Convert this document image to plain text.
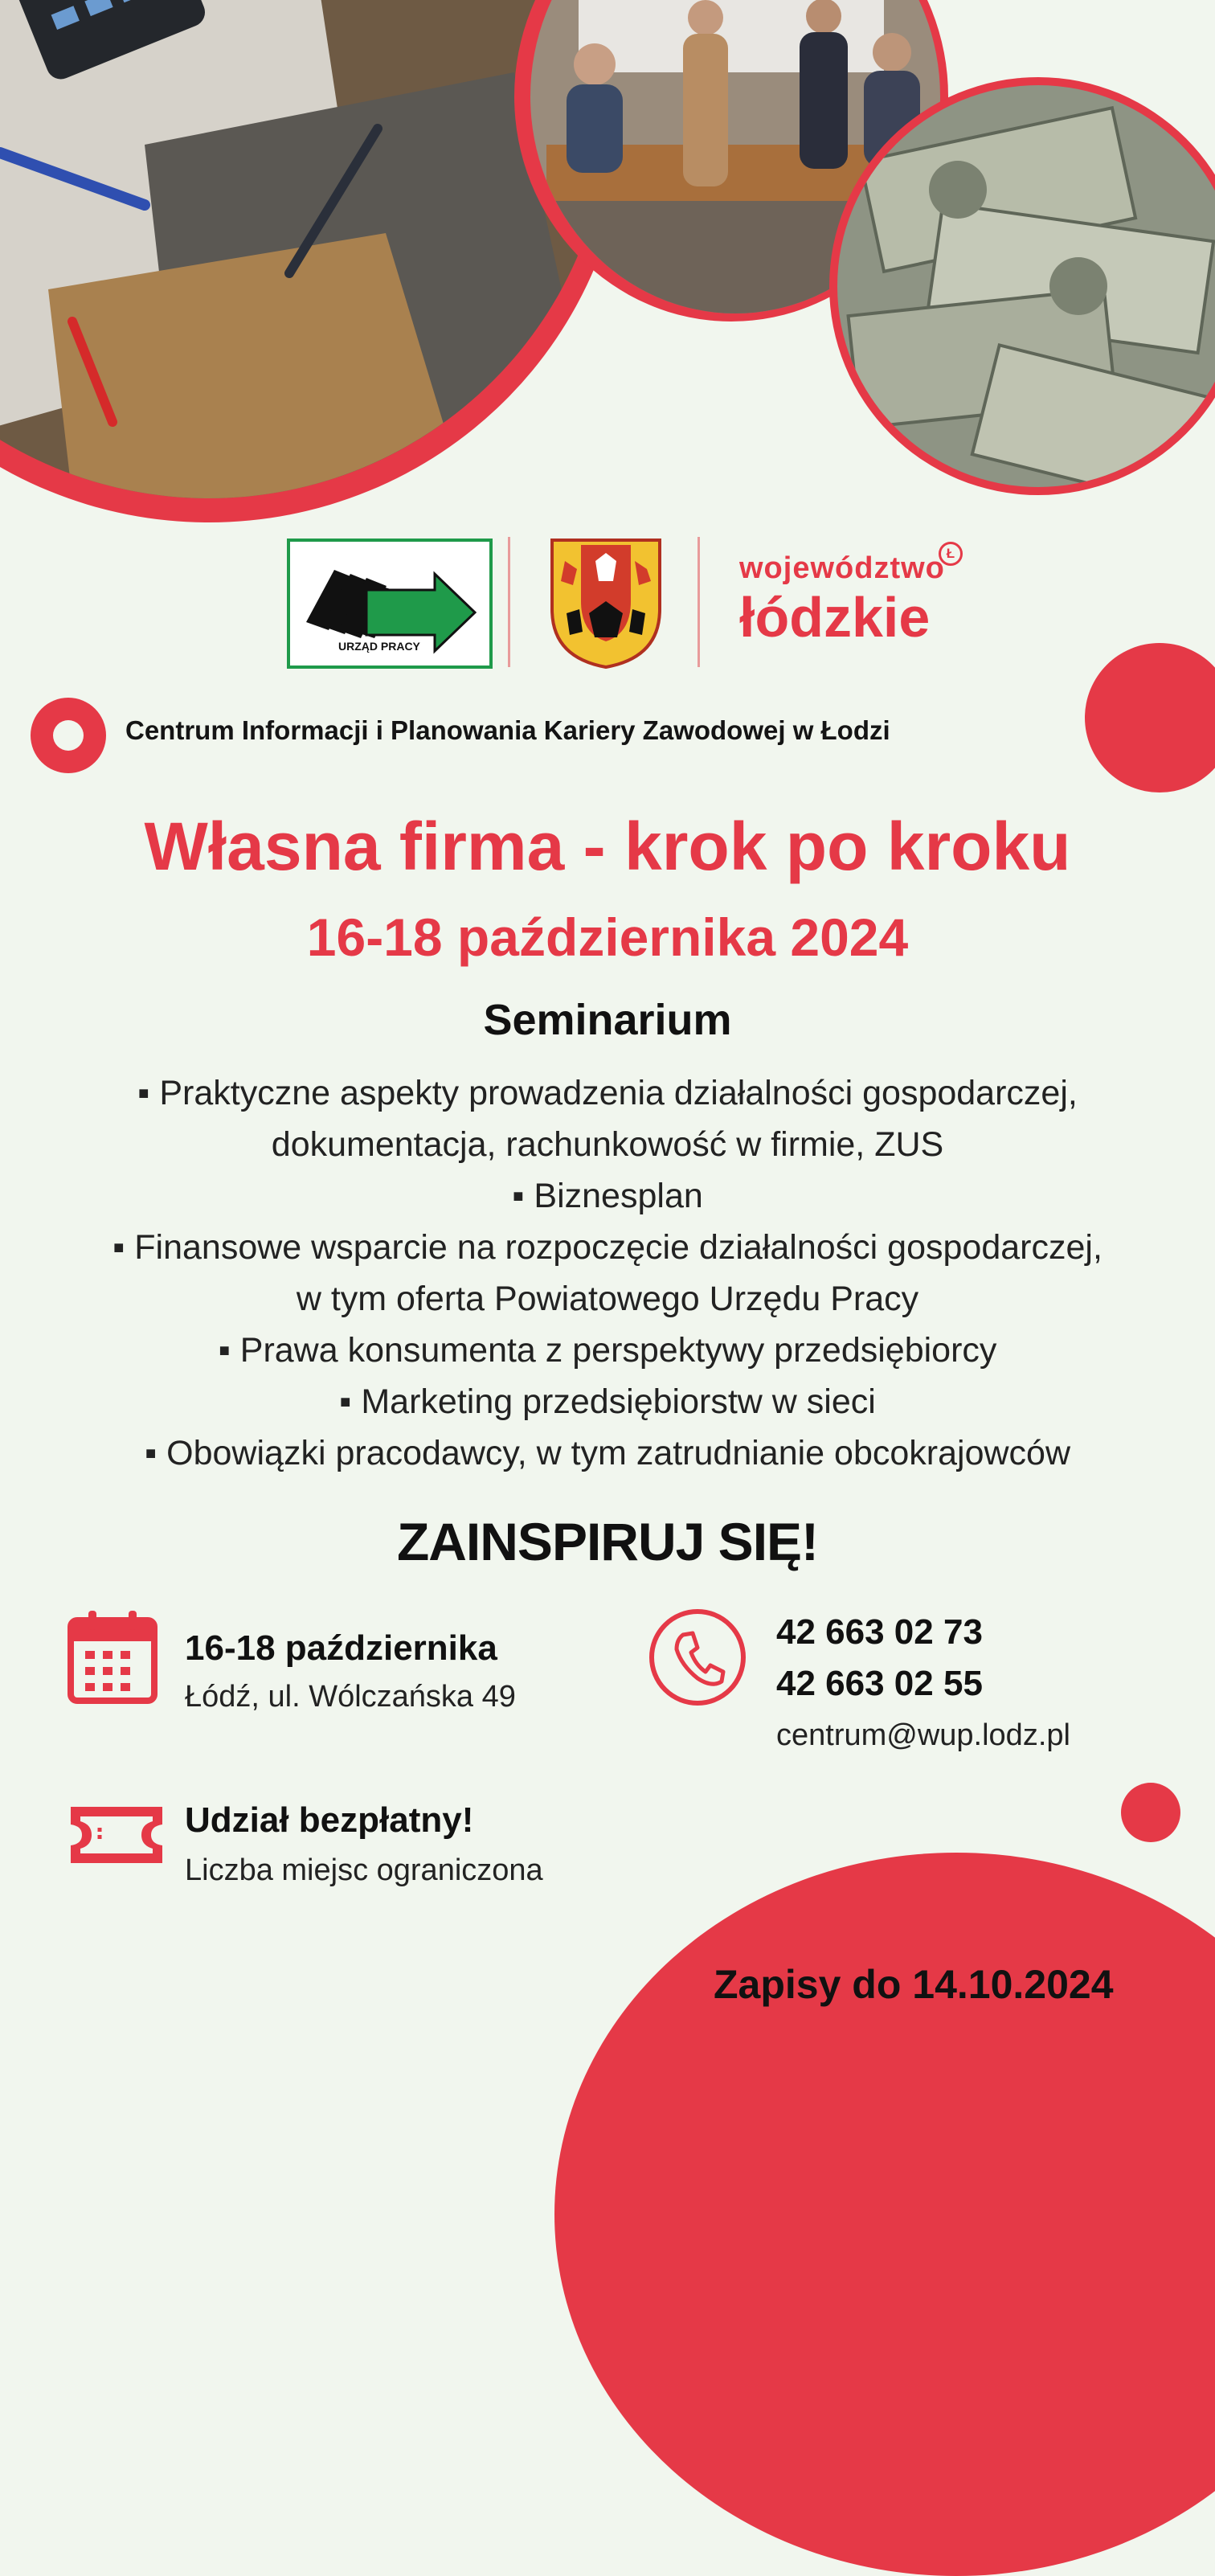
URZĄD PRACY
województwo Ł
łódzkie
Centrum Informacji i Planowania Kariery Zawodowej w Łodzi
Własna firma - krok po kroku
16-18 października 2024
Seminarium
▪ Praktyczne aspekty prowadzenia działalności gospodarczej,
dokumentacja, rachunkowość w firmie, ZUS
▪ Biznesplan
▪ Finansowe wsparcie na rozpoczęcie działalności gospodarczej,
w tym oferta Powiatowego Urzędu Pracy
▪ Prawa konsumenta z perspektywy przedsiębiorcy
▪ Marketing przedsiębiorstw w sieci
▪ Obowiązki pracodawcy, w tym zatrudnianie obcokrajowców
ZAINSPIRUJ SIĘ!
16-18 października
Łódź, ul. Wólczańska 49
42 663 02 73
42 663 02 55
centrum@wup.lodz.pl
Udział bezpłatny!
Liczba miejsc ograniczona
Zapisy do 14.10.2024
